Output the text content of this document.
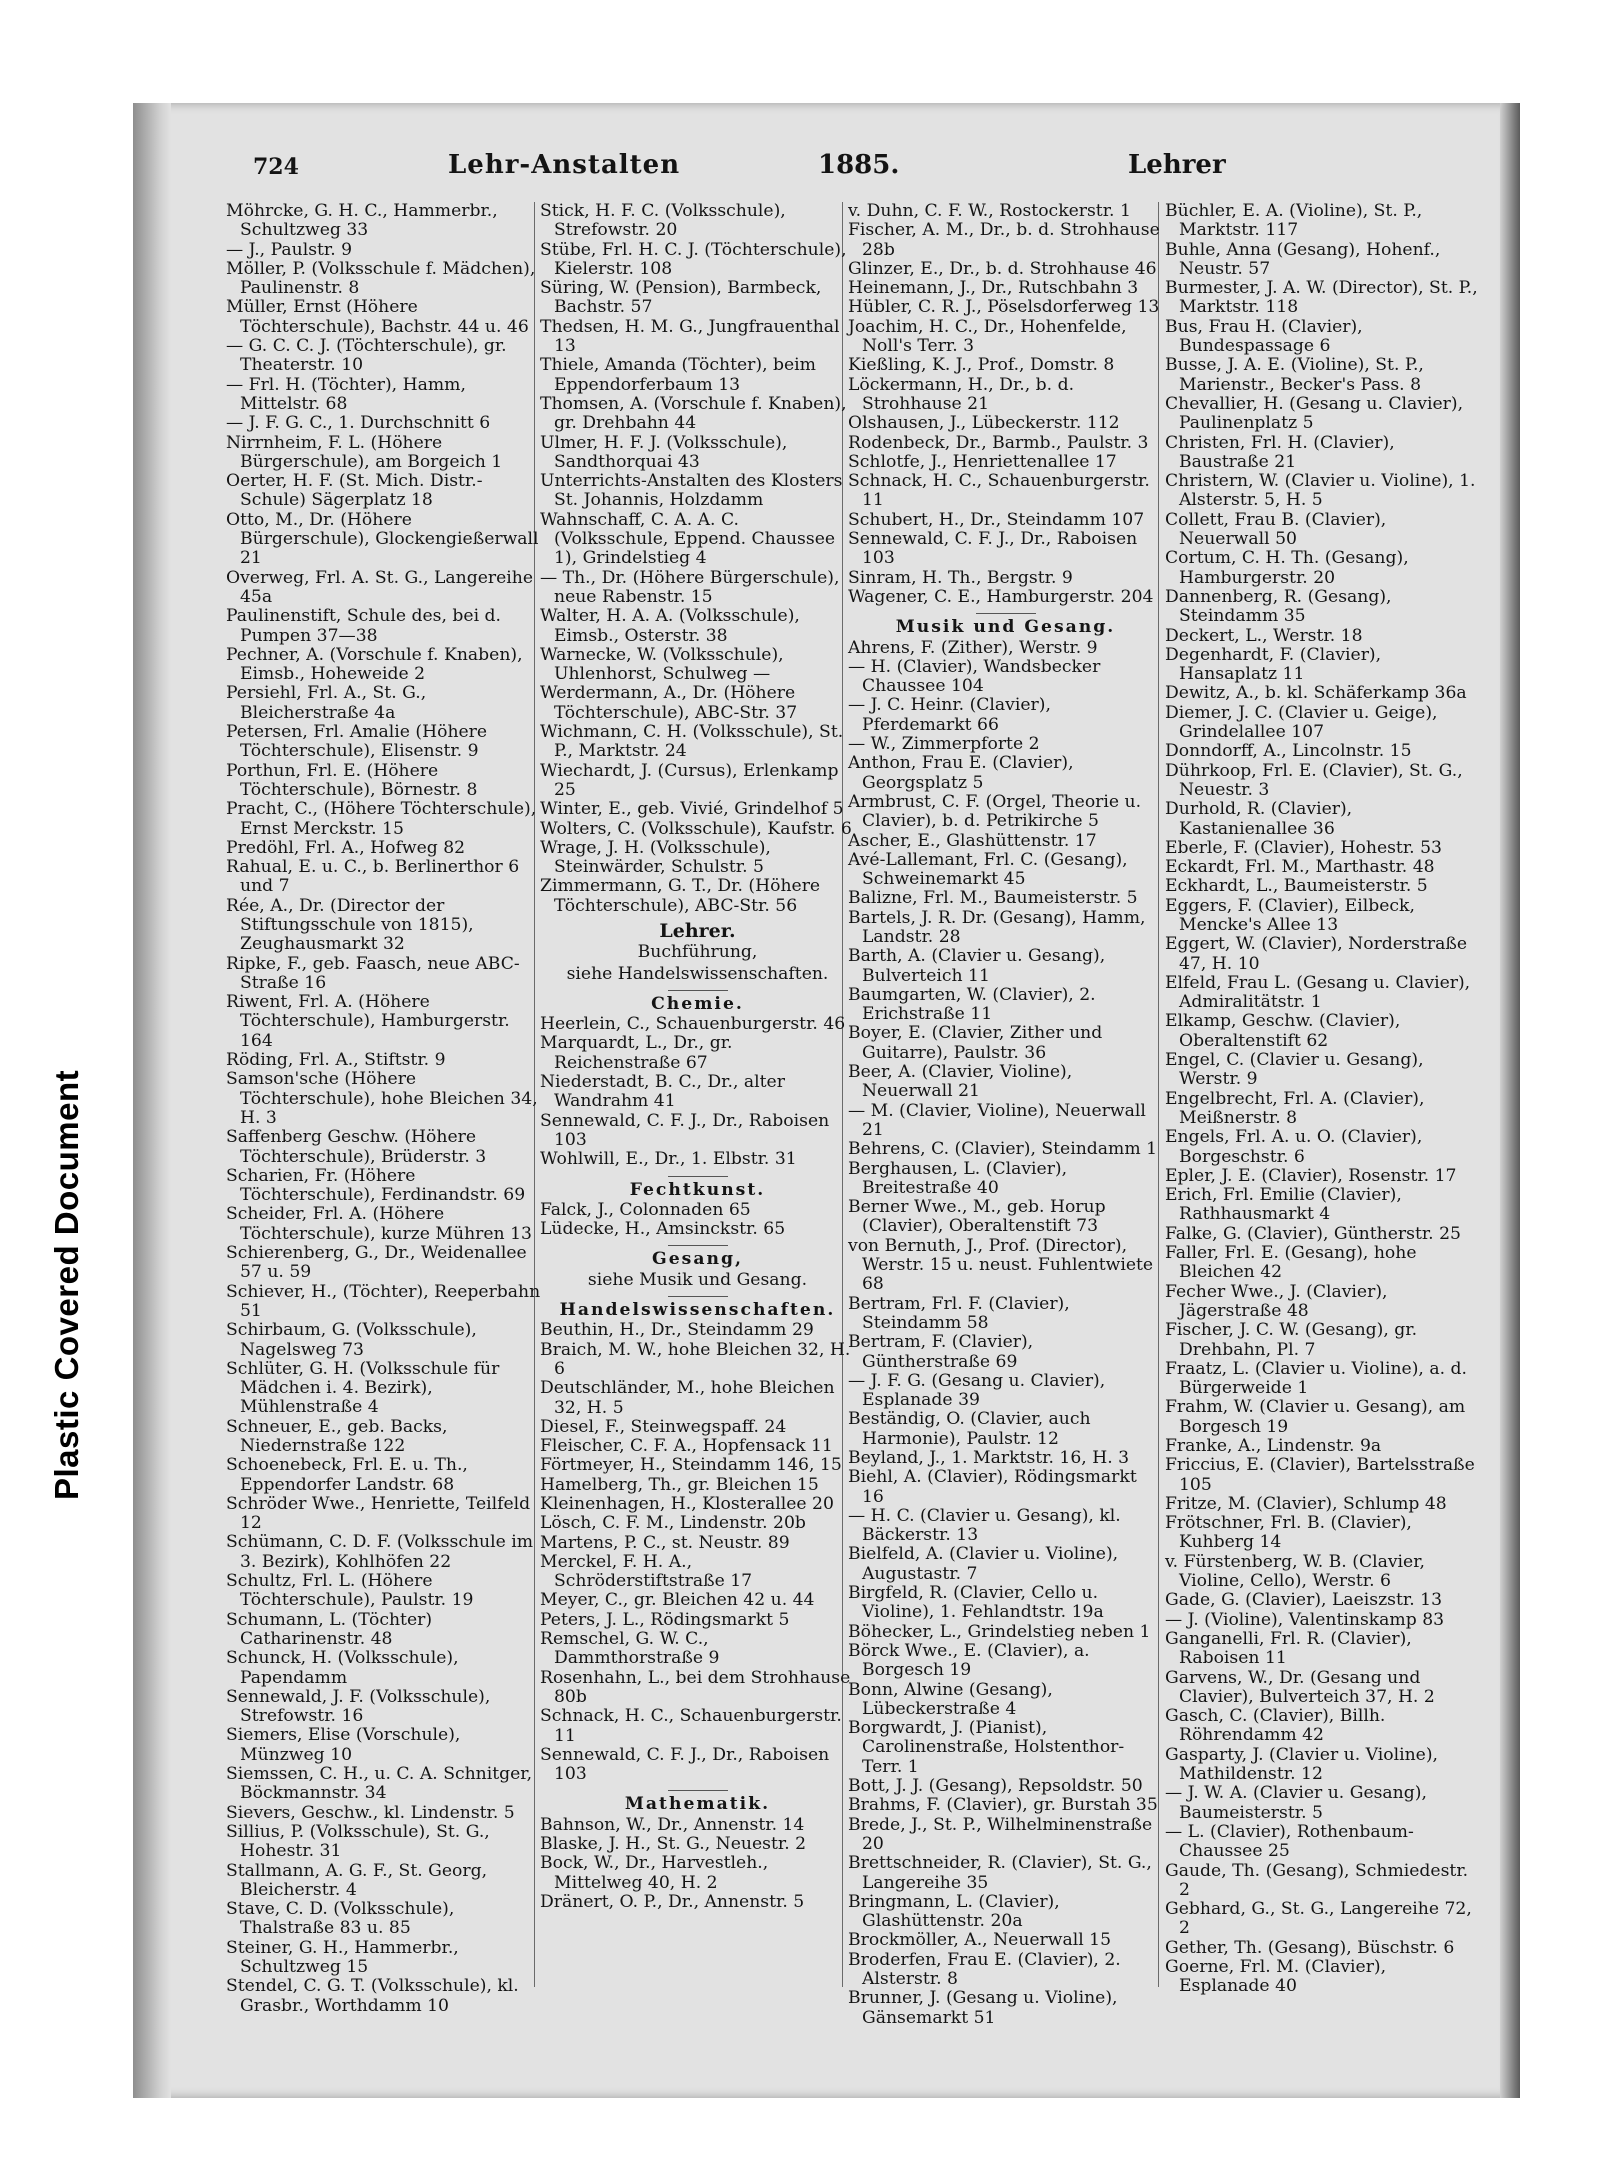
Plastic Covered Document
724	Lehr-Anstalten	1885.	Lehrer
Möhrcke, G. H. C., Hammerbr., Schultzweg 33
— J., Paulstr. 9
Möller, P. (Volksschule f. Mädchen), Paulinenstr. 8
Müller, Ernst (Höhere Töchterschule), Bachstr. 44 u. 46
— G. C. C. J. (Töchterschule), gr. Theaterstr. 10
— Frl. H. (Töchter), Hamm, Mittelstr. 68
— J. F. G. C., 1. Durchschnitt 6
Nirrnheim, F. L. (Höhere Bürgerschule), am Borgeich 1
Oerter, H. F. (St. Mich. Distr.-Schule) Sägerplatz 18
Otto, M., Dr. (Höhere Bürgerschule), Glockengießerwall 21
Overweg, Frl. A. St. G., Langereihe 45a
Paulinenstift, Schule des, bei d. Pumpen 37—38
Pechner, A. (Vorschule f. Knaben), Eimsb., Hoheweide 2
Persiehl, Frl. A., St. G., Bleicherstraße 4a
Petersen, Frl. Amalie (Höhere Töchterschule), Elisenstr. 9
Porthun, Frl. E. (Höhere Töchterschule), Börnestr. 8
Pracht, C., (Höhere Töchterschule), Ernst Merckstr. 15
Predöhl, Frl. A., Hofweg 82
Rahual, E. u. C., b. Berlinerthor 6 und 7
Rée, A., Dr. (Director der Stiftungsschule von 1815), Zeughausmarkt 32
Ripke, F., geb. Faasch, neue ABC-Straße 16
Riwent, Frl. A. (Höhere Töchterschule), Hamburgerstr. 164
Röding, Frl. A., Stiftstr. 9
Samson'sche (Höhere Töchterschule), hohe Bleichen 34, H. 3
Saffenberg Geschw. (Höhere Töchterschule), Brüderstr. 3
Scharien, Fr. (Höhere Töchterschule), Ferdinandstr. 69
Scheider, Frl. A. (Höhere Töchterschule), kurze Mühren 13
Schierenberg, G., Dr., Weidenallee 57 u. 59
Schiever, H., (Töchter), Reeperbahn 51
Schirbaum, G. (Volksschule), Nagelsweg 73
Schlüter, G. H. (Volksschule für Mädchen i. 4. Bezirk), Mühlenstraße 4
Schneuer, E., geb. Backs, Niedernstraße 122
Schoenebeck, Frl. E. u. Th., Eppendorfer Landstr. 68
Schröder Wwe., Henriette, Teilfeld 12
Schümann, C. D. F. (Volksschule im 3. Bezirk), Kohlhöfen 22
Schultz, Frl. L. (Höhere Töchterschule), Paulstr. 19
Schumann, L. (Töchter) Catharinenstr. 48
Schunck, H. (Volksschule), Papendamm
Sennewald, J. F. (Volksschule), Strefowstr. 16
Siemers, Elise (Vorschule), Münzweg 10
Siemssen, C. H., u. C. A. Schnitger, Böckmannstr. 34
Sievers, Geschw., kl. Lindenstr. 5
Sillius, P. (Volksschule), St. G., Hohestr. 31
Stallmann, A. G. F., St. Georg, Bleicherstr. 4
Stave, C. D. (Volksschule), Thalstraße 83 u. 85
Steiner, G. H., Hammerbr., Schultzweg 15
Stendel, C. G. T. (Volksschule), kl. Grasbr., Worthdamm 10
Stick, H. F. C. (Volksschule), Strefowstr. 20
Stübe, Frl. H. C. J. (Töchterschule), Kielerstr. 108
Süring, W. (Pension), Barmbeck, Bachstr. 57
Thedsen, H. M. G., Jungfrauenthal 13
Thiele, Amanda (Töchter), beim Eppendorferbaum 13
Thomsen, A. (Vorschule f. Knaben), gr. Drehbahn 44
Ulmer, H. F. J. (Volksschule), Sandthorquai 43
Unterrichts-Anstalten des Klosters St. Johannis, Holzdamm
Wahnschaff, C. A. A. C. (Volksschule, Eppend. Chaussee 1), Grindelstieg 4
— Th., Dr. (Höhere Bürgerschule), neue Rabenstr. 15
Walter, H. A. A. (Volksschule), Eimsb., Osterstr. 38
Warnecke, W. (Volksschule), Uhlenhorst, Schulweg —
Werdermann, A., Dr. (Höhere Töchterschule), ABC-Str. 37
Wichmann, C. H. (Volksschule), St. P., Marktstr. 24
Wiechardt, J. (Cursus), Erlenkamp 25
Winter, E., geb. Vivié, Grindelhof 5
Wolters, C. (Volksschule), Kaufstr. 6
Wrage, J. H. (Volksschule), Steinwärder, Schulstr. 5
Zimmermann, G. T., Dr. (Höhere Töchterschule), ABC-Str. 56
Lehrer.
Buchführung,
siehe Handelswissenschaften.
Chemie.
Heerlein, C., Schauenburgerstr. 46
Marquardt, L., Dr., gr. Reichenstraße 67
Niederstadt, B. C., Dr., alter Wandrahm 41
Sennewald, C. F. J., Dr., Raboisen 103
Wohlwill, E., Dr., 1. Elbstr. 31
Fechtkunst.
Falck, J., Colonnaden 65
Lüdecke, H., Amsinckstr. 65
Gesang,
siehe Musik und Gesang.
Handelswissenschaften.
Beuthin, H., Dr., Steindamm 29
Braich, M. W., hohe Bleichen 32, H. 6
Deutschländer, M., hohe Bleichen 32, H. 5
Diesel, F., Steinwegspaff. 24
Fleischer, C. F. A., Hopfensack 11
Förtmeyer, H., Steindamm 146, 15
Hamelberg, Th., gr. Bleichen 15
Kleinenhagen, H., Klosterallee 20
Lösch, C. F. M., Lindenstr. 20b
Martens, P. C., st. Neustr. 89
Merckel, F. H. A., Schröderstiftstraße 17
Meyer, C., gr. Bleichen 42 u. 44
Peters, J. L., Rödingsmarkt 5
Remschel, G. W. C., Dammthorstraße 9
Rosenhahn, L., bei dem Strohhause 80b
Schnack, H. C., Schauenburgerstr. 11
Sennewald, C. F. J., Dr., Raboisen 103
Mathematik.
Bahnson, W., Dr., Annenstr. 14
Blaske, J. H., St. G., Neuestr. 2
Bock, W., Dr., Harvestleh., Mittelweg 40, H. 2
Dränert, O. P., Dr., Annenstr. 5
v. Duhn, C. F. W., Rostockerstr. 1
Fischer, A. M., Dr., b. d. Strohhause 28b
Glinzer, E., Dr., b. d. Strohhause 46
Heinemann, J., Dr., Rutschbahn 3
Hübler, C. R. J., Pöselsdorferweg 13
Joachim, H. C., Dr., Hohenfelde, Noll's Terr. 3
Kießling, K. J., Prof., Domstr. 8
Löckermann, H., Dr., b. d. Strohhause 21
Olshausen, J., Lübeckerstr. 112
Rodenbeck, Dr., Barmb., Paulstr. 3
Schlotfe, J., Henriettenallee 17
Schnack, H. C., Schauenburgerstr. 11
Schubert, H., Dr., Steindamm 107
Sennewald, C. F. J., Dr., Raboisen 103
Sinram, H. Th., Bergstr. 9
Wagener, C. E., Hamburgerstr. 204
Musik und Gesang.
Ahrens, F. (Zither), Werstr. 9
— H. (Clavier), Wandsbecker Chaussee 104
— J. C. Heinr. (Clavier), Pferdemarkt 66
— W., Zimmerpforte 2
Anthon, Frau E. (Clavier), Georgsplatz 5
Armbrust, C. F. (Orgel, Theorie u. Clavier), b. d. Petrikirche 5
Ascher, E., Glashüttenstr. 17
Avé-Lallemant, Frl. C. (Gesang), Schweinemarkt 45
Balizne, Frl. M., Baumeisterstr. 5
Bartels, J. R. Dr. (Gesang), Hamm, Landstr. 28
Barth, A. (Clavier u. Gesang), Bulverteich 11
Baumgarten, W. (Clavier), 2. Erichstraße 11
Boyer, E. (Clavier, Zither und Guitarre), Paulstr. 36
Beer, A. (Clavier, Violine), Neuerwall 21
— M. (Clavier, Violine), Neuerwall 21
Behrens, C. (Clavier), Steindamm 1
Berghausen, L. (Clavier), Breitestraße 40
Berner Wwe., M., geb. Horup (Clavier), Oberaltenstift 73
von Bernuth, J., Prof. (Director), Werstr. 15 u. neust. Fuhlentwiete 68
Bertram, Frl. F. (Clavier), Steindamm 58
Bertram, F. (Clavier), Güntherstraße 69
— J. F. G. (Gesang u. Clavier), Esplanade 39
Beständig, O. (Clavier, auch Harmonie), Paulstr. 12
Beyland, J., 1. Marktstr. 16, H. 3
Biehl, A. (Clavier), Rödingsmarkt 16
— H. C. (Clavier u. Gesang), kl. Bäckerstr. 13
Bielfeld, A. (Clavier u. Violine), Augustastr. 7
Birgfeld, R. (Clavier, Cello u. Violine), 1. Fehlandtstr. 19a
Böhecker, L., Grindelstieg neben 1
Börck Wwe., E. (Clavier), a. Borgesch 19
Bonn, Alwine (Gesang), Lübeckerstraße 4
Borgwardt, J. (Pianist), Carolinenstraße, Holstenthor-Terr. 1
Bott, J. J. (Gesang), Repsoldstr. 50
Brahms, F. (Clavier), gr. Burstah 35
Brede, J., St. P., Wilhelminenstraße 20
Brettschneider, R. (Clavier), St. G., Langereihe 35
Bringmann, L. (Clavier), Glashüttenstr. 20a
Brockmöller, A., Neuerwall 15
Broderfen, Frau E. (Clavier), 2. Alsterstr. 8
Brunner, J. (Gesang u. Violine), Gänsemarkt 51
Büchler, E. A. (Violine), St. P., Marktstr. 117
Buhle, Anna (Gesang), Hohenf., Neustr. 57
Burmester, J. A. W. (Director), St. P., Marktstr. 118
Bus, Frau H. (Clavier), Bundespassage 6
Busse, J. A. E. (Violine), St. P., Marienstr., Becker's Pass. 8
Chevallier, H. (Gesang u. Clavier), Paulinenplatz 5
Christen, Frl. H. (Clavier), Baustraße 21
Christern, W. (Clavier u. Violine), 1. Alsterstr. 5, H. 5
Collett, Frau B. (Clavier), Neuerwall 50
Cortum, C. H. Th. (Gesang), Hamburgerstr. 20
Dannenberg, R. (Gesang), Steindamm 35
Deckert, L., Werstr. 18
Degenhardt, F. (Clavier), Hansaplatz 11
Dewitz, A., b. kl. Schäferkamp 36a
Diemer, J. C. (Clavier u. Geige), Grindelallee 107
Donndorff, A., Lincolnstr. 15
Dührkoop, Frl. E. (Clavier), St. G., Neuestr. 3
Durhold, R. (Clavier), Kastanienallee 36
Eberle, F. (Clavier), Hohestr. 53
Eckardt, Frl. M., Marthastr. 48
Eckhardt, L., Baumeisterstr. 5
Eggers, F. (Clavier), Eilbeck, Mencke's Allee 13
Eggert, W. (Clavier), Norderstraße 47, H. 10
Elfeld, Frau L. (Gesang u. Clavier), Admiralitätstr. 1
Elkamp, Geschw. (Clavier), Oberaltenstift 62
Engel, C. (Clavier u. Gesang), Werstr. 9
Engelbrecht, Frl. A. (Clavier), Meißnerstr. 8
Engels, Frl. A. u. O. (Clavier), Borgeschstr. 6
Epler, J. E. (Clavier), Rosenstr. 17
Erich, Frl. Emilie (Clavier), Rathhausmarkt 4
Falke, G. (Clavier), Güntherstr. 25
Faller, Frl. E. (Gesang), hohe Bleichen 42
Fecher Wwe., J. (Clavier), Jägerstraße 48
Fischer, J. C. W. (Gesang), gr. Drehbahn, Pl. 7
Fraatz, L. (Clavier u. Violine), a. d. Bürgerweide 1
Frahm, W. (Clavier u. Gesang), am Borgesch 19
Franke, A., Lindenstr. 9a
Friccius, E. (Clavier), Bartelsstraße 105
Fritze, M. (Clavier), Schlump 48
Frötschner, Frl. B. (Clavier), Kuhberg 14
v. Fürstenberg, W. B. (Clavier, Violine, Cello), Werstr. 6
Gade, G. (Clavier), Laeiszstr. 13
— J. (Violine), Valentinskamp 83
Ganganelli, Frl. R. (Clavier), Raboisen 11
Garvens, W., Dr. (Gesang und Clavier), Bulverteich 37, H. 2
Gasch, C. (Clavier), Billh. Röhrendamm 42
Gasparty, J. (Clavier u. Violine), Mathildenstr. 12
— J. W. A. (Clavier u. Gesang), Baumeisterstr. 5
— L. (Clavier), Rothenbaum-Chaussee 25
Gaude, Th. (Gesang), Schmiedestr. 2
Gebhard, G., St. G., Langereihe 72, 2
Gether, Th. (Gesang), Büschstr. 6
Goerne, Frl. M. (Clavier), Esplanade 40
